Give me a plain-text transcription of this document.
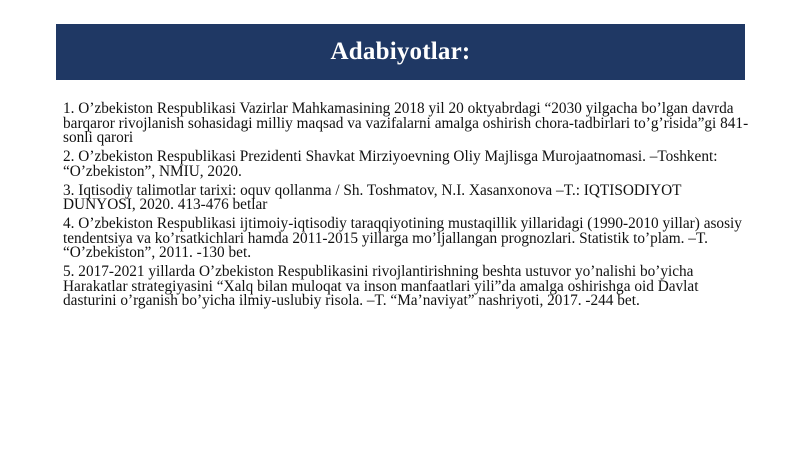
Adabiyotlar:
1. O’zbekiston Respublikasi Vazirlar Mahkamasining 2018 yil 20 oktyabrdagi “2030 yilgacha bo’lgan davrda barqaror rivojlanish sohasidagi milliy maqsad va vazifalarni amalga oshirish chora-tadbirlari to’g’risida”gi 841-sonli qarori
2. O’zbekiston Respublikasi Prezidenti Shavkat Mirziyoevning Oliy Majlisga Murojaatnomasi. –Toshkent: “O’zbekiston”, NMIU, 2020.
3. Iqtisodiy talimotlar tarixi: oquv qollanma / Sh. Toshmatov, N.I. Xasanxonova –T.: IQTISODIYOT DUNYOSI, 2020. 413-476 betlar
4. O’zbekiston Respublikasi ijtimoiy-iqtisodiy taraqqiyotining mustaqillik yillaridagi (1990-2010 yillar) asosiy tendentsiya va ko’rsatkichlari hamda 2011-2015 yillarga mo’ljallangan prognozlari. Statistik to’plam. –T. “O’zbekiston”, 2011. -130 bet.
5. 2017-2021 yillarda O’zbekiston Respublikasini rivojlantirishning beshta ustuvor yo’nalishi bo’yicha Harakatlar strategiyasini “Xalq bilan muloqat va inson manfaatlari yili”da amalga oshirishga oid Davlat dasturini o’rganish bo’yicha ilmiy-uslubiy risola. –T. “Ma’naviyat” nashriyoti, 2017. -244 bet.
